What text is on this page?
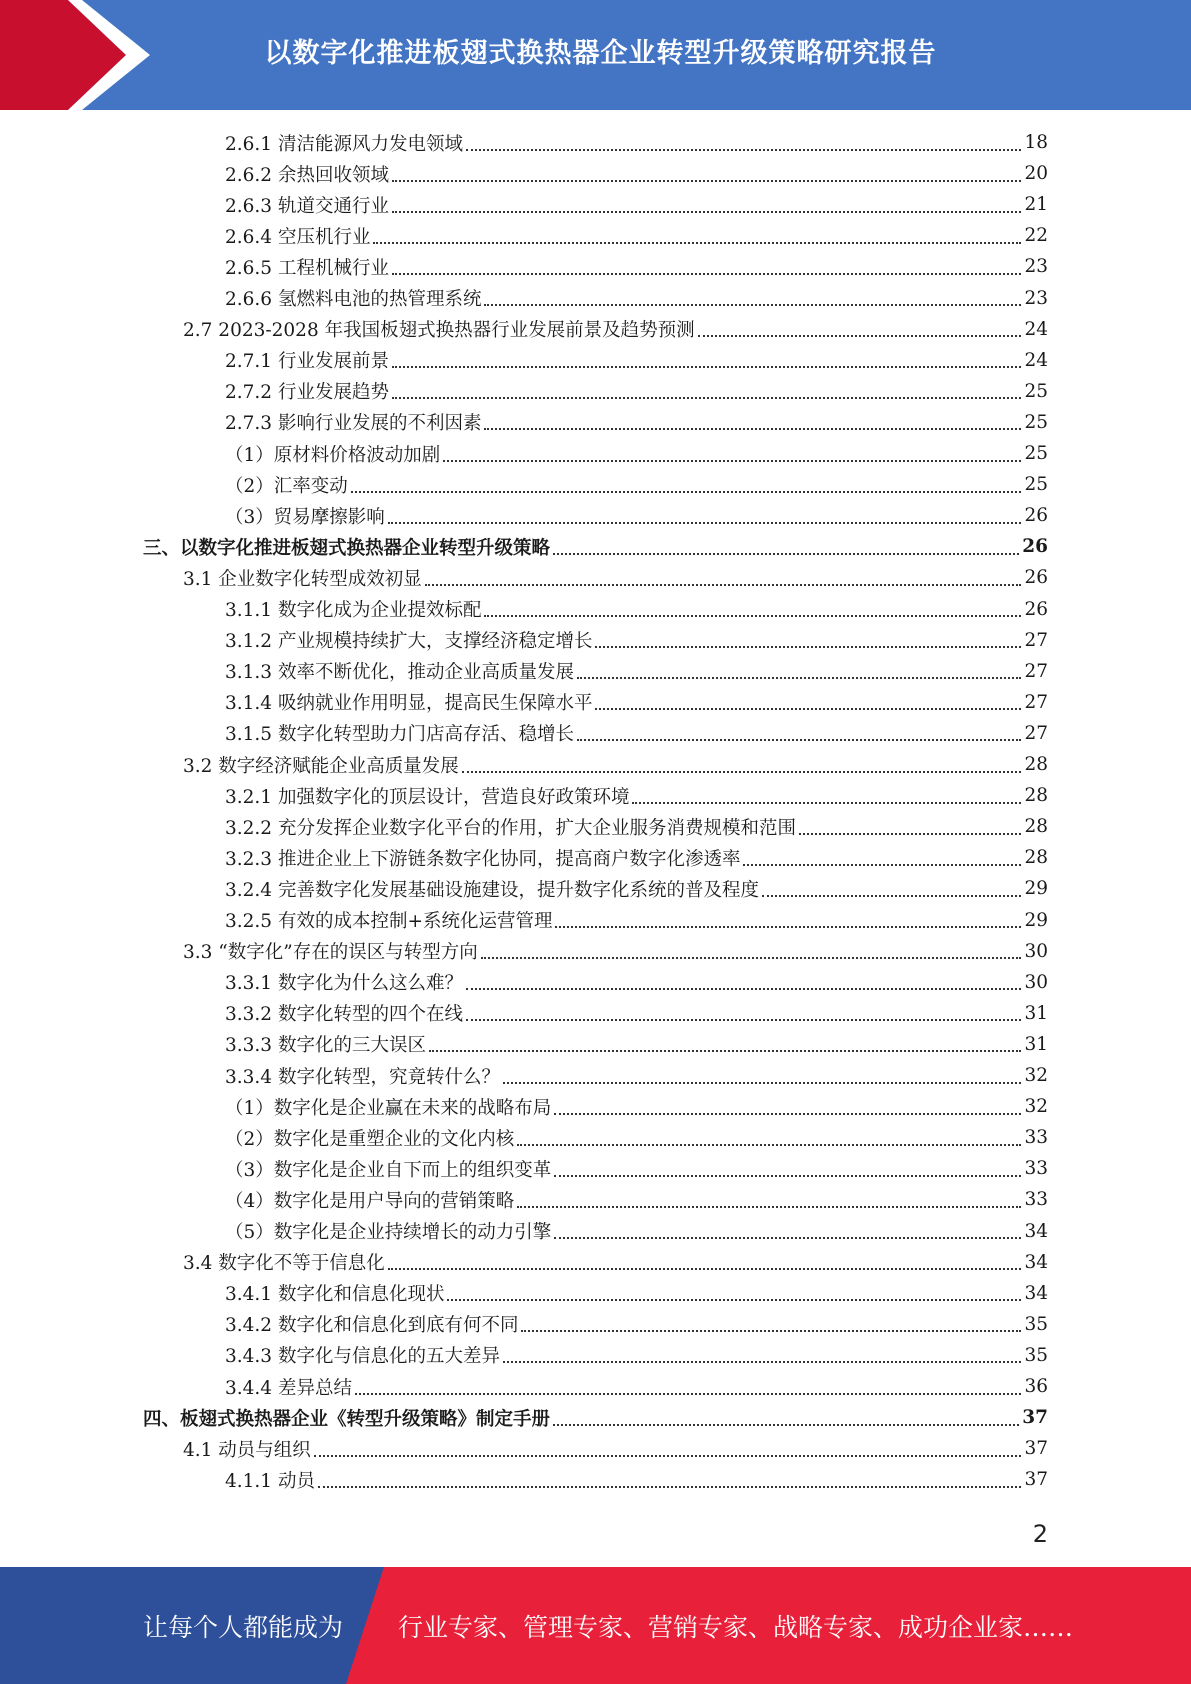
以数字化推进板翅式换热器企业转型升级策略研究报告
2.6.1 清洁能源风力发电领域	18
2.6.2 余热回收领域	20
2.6.3 轨道交通行业	21
2.6.4 空压机行业	22
2.6.5 工程机械行业	23
2.6.6 氢燃料电池的热管理系统	23
2.7 2023-2028 年我国板翅式换热器行业发展前景及趋势预测	24
2.7.1 行业发展前景	24
2.7.2 行业发展趋势	25
2.7.3 影响行业发展的不利因素	25
（1）原材料价格波动加剧	25
（2）汇率变动	25
（3）贸易摩擦影响	26
三、以数字化推进板翅式换热器企业转型升级策略	26
3.1 企业数字化转型成效初显	26
3.1.1 数字化成为企业提效标配	26
3.1.2 产业规模持续扩大，支撑经济稳定增长	27
3.1.3 效率不断优化，推动企业高质量发展	27
3.1.4 吸纳就业作用明显，提高民生保障水平	27
3.1.5 数字化转型助力门店高存活、稳增长	27
3.2 数字经济赋能企业高质量发展	28
3.2.1 加强数字化的顶层设计，营造良好政策环境	28
3.2.2 充分发挥企业数字化平台的作用，扩大企业服务消费规模和范围	28
3.2.3 推进企业上下游链条数字化协同，提高商户数字化渗透率	28
3.2.4 完善数字化发展基础设施建设，提升数字化系统的普及程度	29
3.2.5 有效的成本控制+系统化运营管理	29
3.3 “数字化”存在的误区与转型方向	30
3.3.1 数字化为什么这么难？	30
3.3.2 数字化转型的四个在线	31
3.3.3 数字化的三大误区	31
3.3.4 数字化转型，究竟转什么？	32
（1）数字化是企业赢在未来的战略布局	32
（2）数字化是重塑企业的文化内核	33
（3）数字化是企业自下而上的组织变革	33
（4）数字化是用户导向的营销策略	33
（5）数字化是企业持续增长的动力引擎	34
3.4 数字化不等于信息化	34
3.4.1 数字化和信息化现状	34
3.4.2 数字化和信息化到底有何不同	35
3.4.3 数字化与信息化的五大差异	35
3.4.4 差异总结	36
四、板翅式换热器企业《转型升级策略》制定手册	37
4.1 动员与组织	37
4.1.1 动员	37
2
让每个人都能成为 行业专家、管理专家、营销专家、战略专家、成功企业家……
